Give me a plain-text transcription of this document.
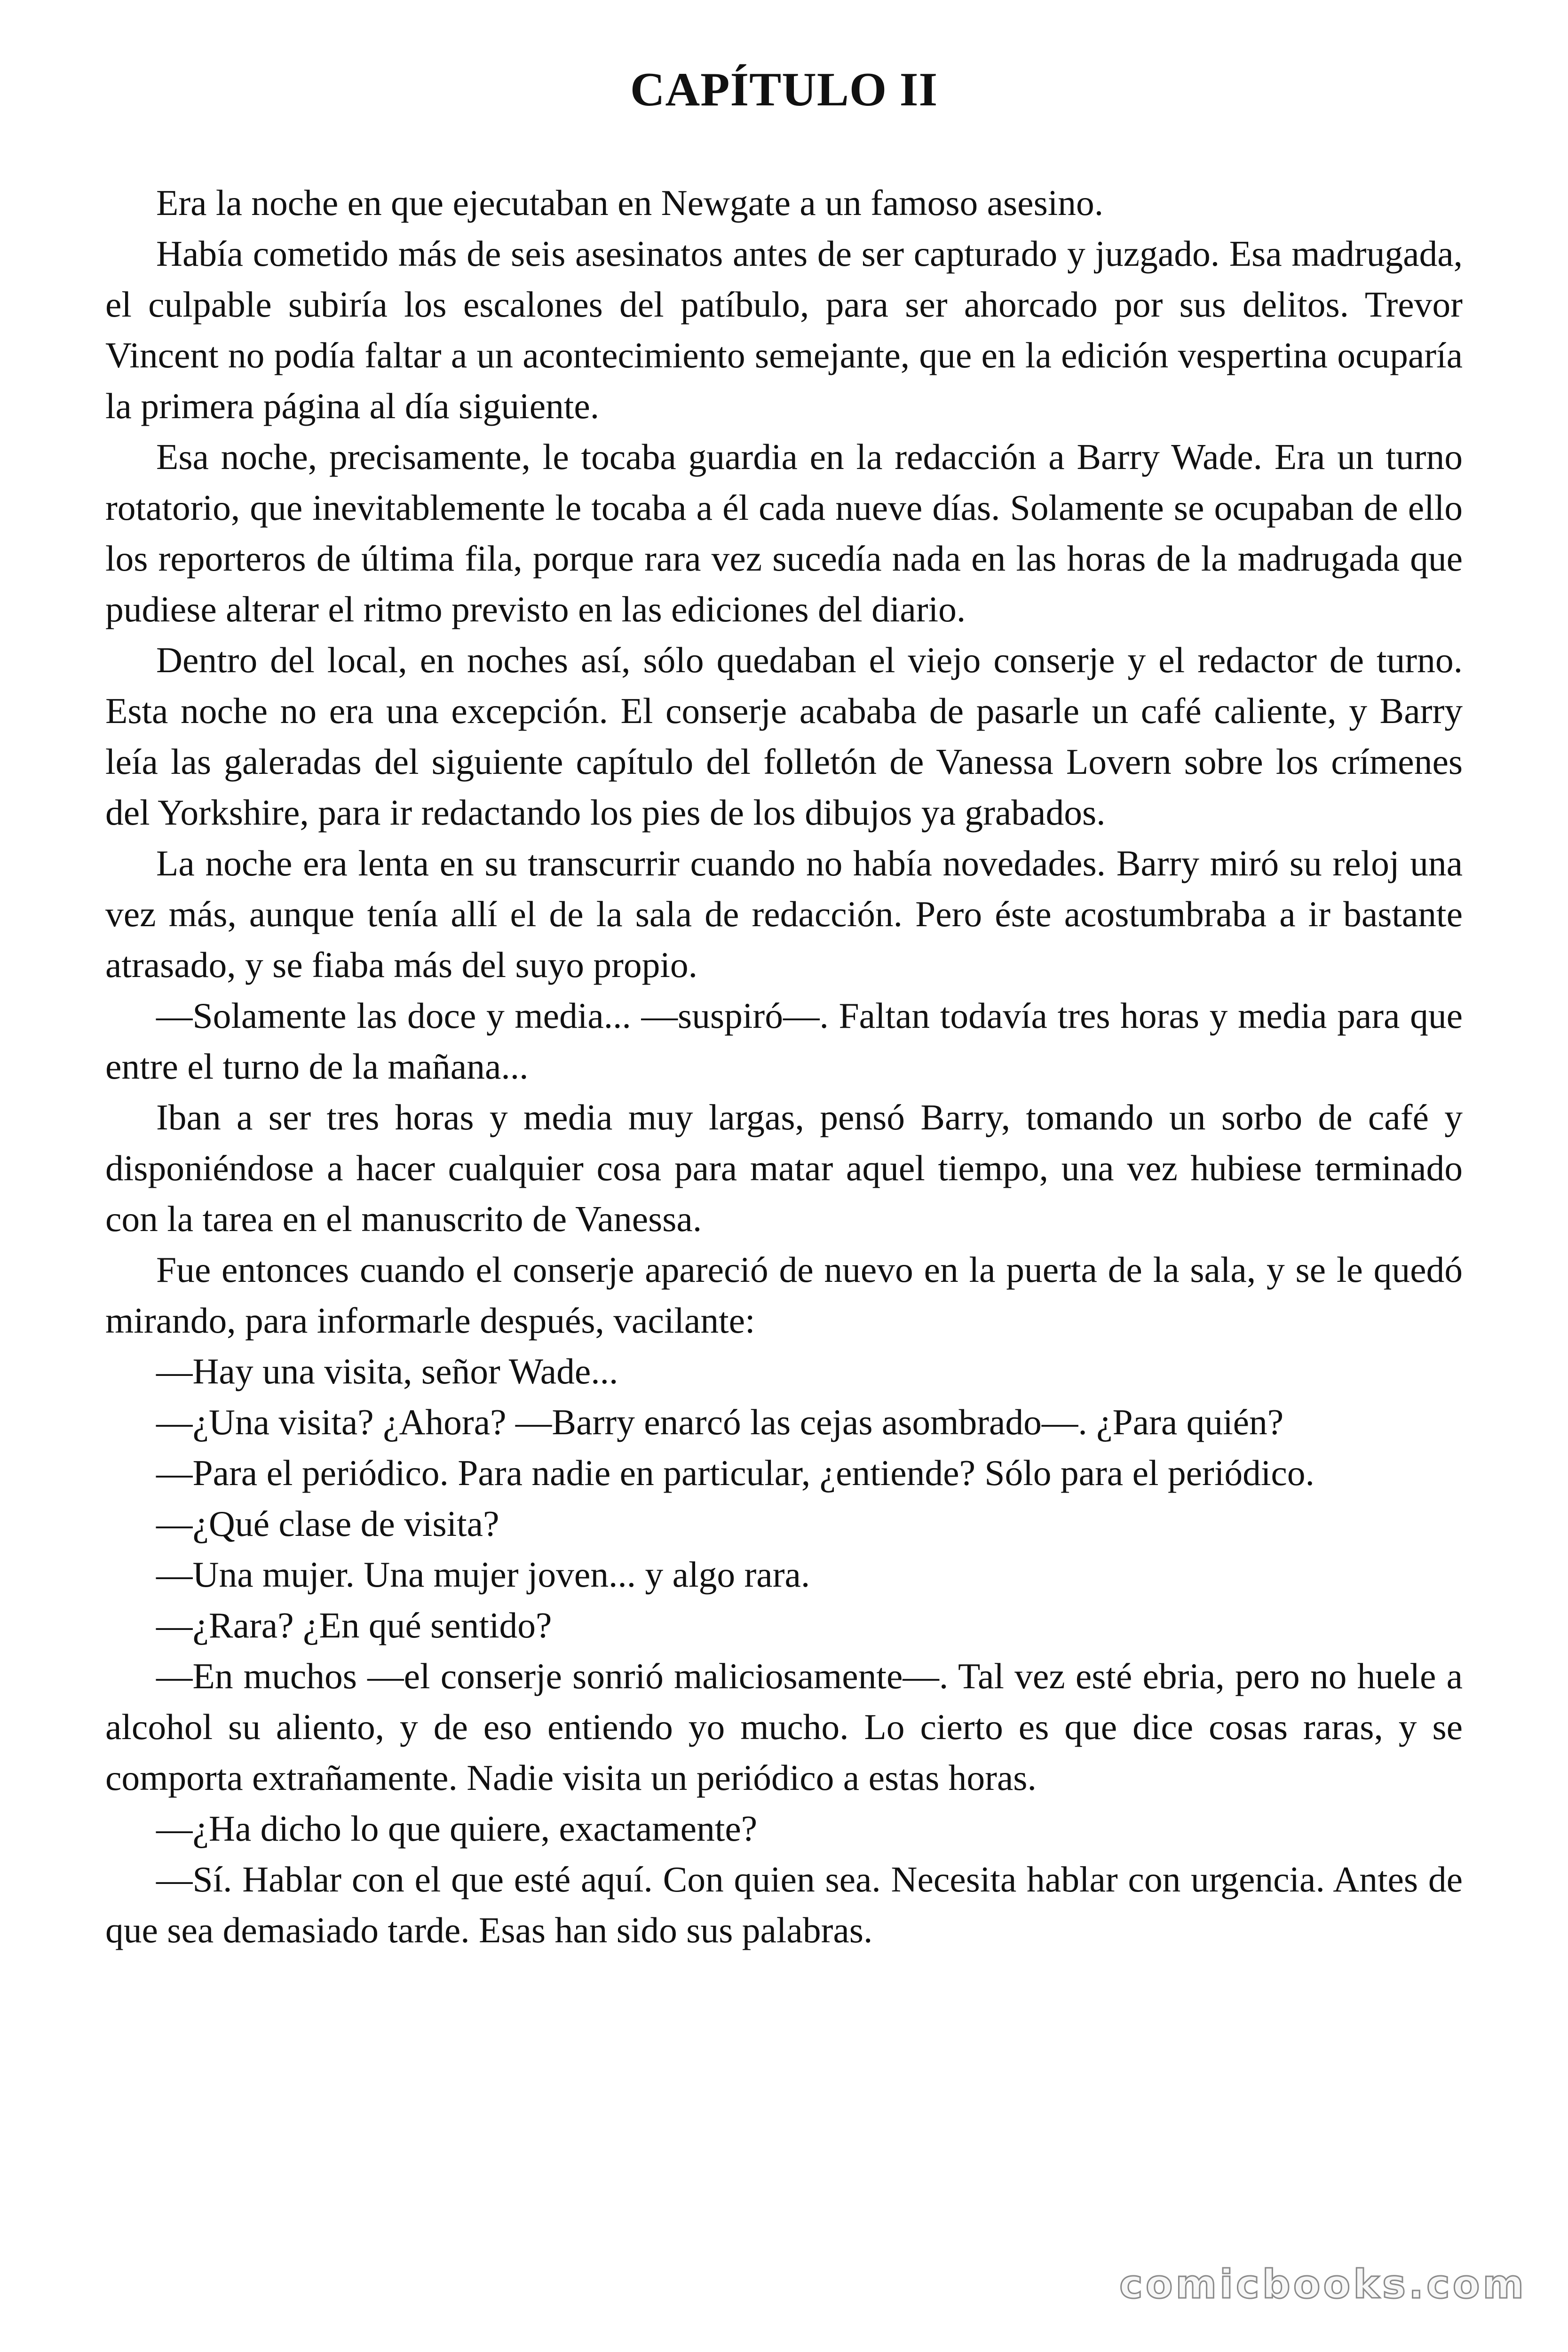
CAPÍTULO II

Era la noche en que ejecutaban en Newgate a un famoso asesino.

Había cometido más de seis asesinatos antes de ser capturado y juzgado. Esa madrugada, el culpable subiría los escalones del patíbulo, para ser ahorcado por sus delitos. Trevor Vincent no podía faltar a un acontecimiento semejante, que en la edición vespertina ocuparía la primera página al día siguiente.

Esa noche, precisamente, le tocaba guardia en la redacción a Barry Wade. Era un turno rotatorio, que inevitablemente le tocaba a él cada nueve días. Solamente se ocupaban de ello los reporteros de última fila, porque rara vez sucedía nada en las horas de la madrugada que pudiese alterar el ritmo previsto en las ediciones del diario.

Dentro del local, en noches así, sólo quedaban el viejo conserje y el redactor de turno. Esta noche no era una excepción. El conserje acababa de pasarle un café caliente, y Barry leía las galeradas del siguiente capítulo del folletón de Vanessa Lovern sobre los crímenes del Yorkshire, para ir redactando los pies de los dibujos ya grabados.

La noche era lenta en su transcurrir cuando no había novedades. Barry miró su reloj una vez más, aunque tenía allí el de la sala de redacción. Pero éste acostumbraba a ir bastante atrasado, y se fiaba más del suyo propio.

—Solamente las doce y media... —suspiró—. Faltan todavía tres horas y media para que entre el turno de la mañana...

Iban a ser tres horas y media muy largas, pensó Barry, tomando un sorbo de café y disponiéndose a hacer cualquier cosa para matar aquel tiempo, una vez hubiese terminado con la tarea en el manuscrito de Vanessa.

Fue entonces cuando el conserje apareció de nuevo en la puerta de la sala, y se le quedó mirando, para informarle después, vacilante:

—Hay una visita, señor Wade...

—¿Una visita? ¿Ahora? —Barry enarcó las cejas asombrado—. ¿Para quién?

—Para el periódico. Para nadie en particular, ¿entiende? Sólo para el periódico.

—¿Qué clase de visita?

—Una mujer. Una mujer joven... y algo rara.

—¿Rara? ¿En qué sentido?

—En muchos —el conserje sonrió maliciosamente—. Tal vez esté ebria, pero no huele a alcohol su aliento, y de eso entiendo yo mucho. Lo cierto es que dice cosas raras, y se comporta extrañamente. Nadie visita un periódico a estas horas.

—¿Ha dicho lo que quiere, exactamente?

—Sí. Hablar con el que esté aquí. Con quien sea. Necesita hablar con urgencia. Antes de que sea demasiado tarde. Esas han sido sus palabras.

comicbooks.com
